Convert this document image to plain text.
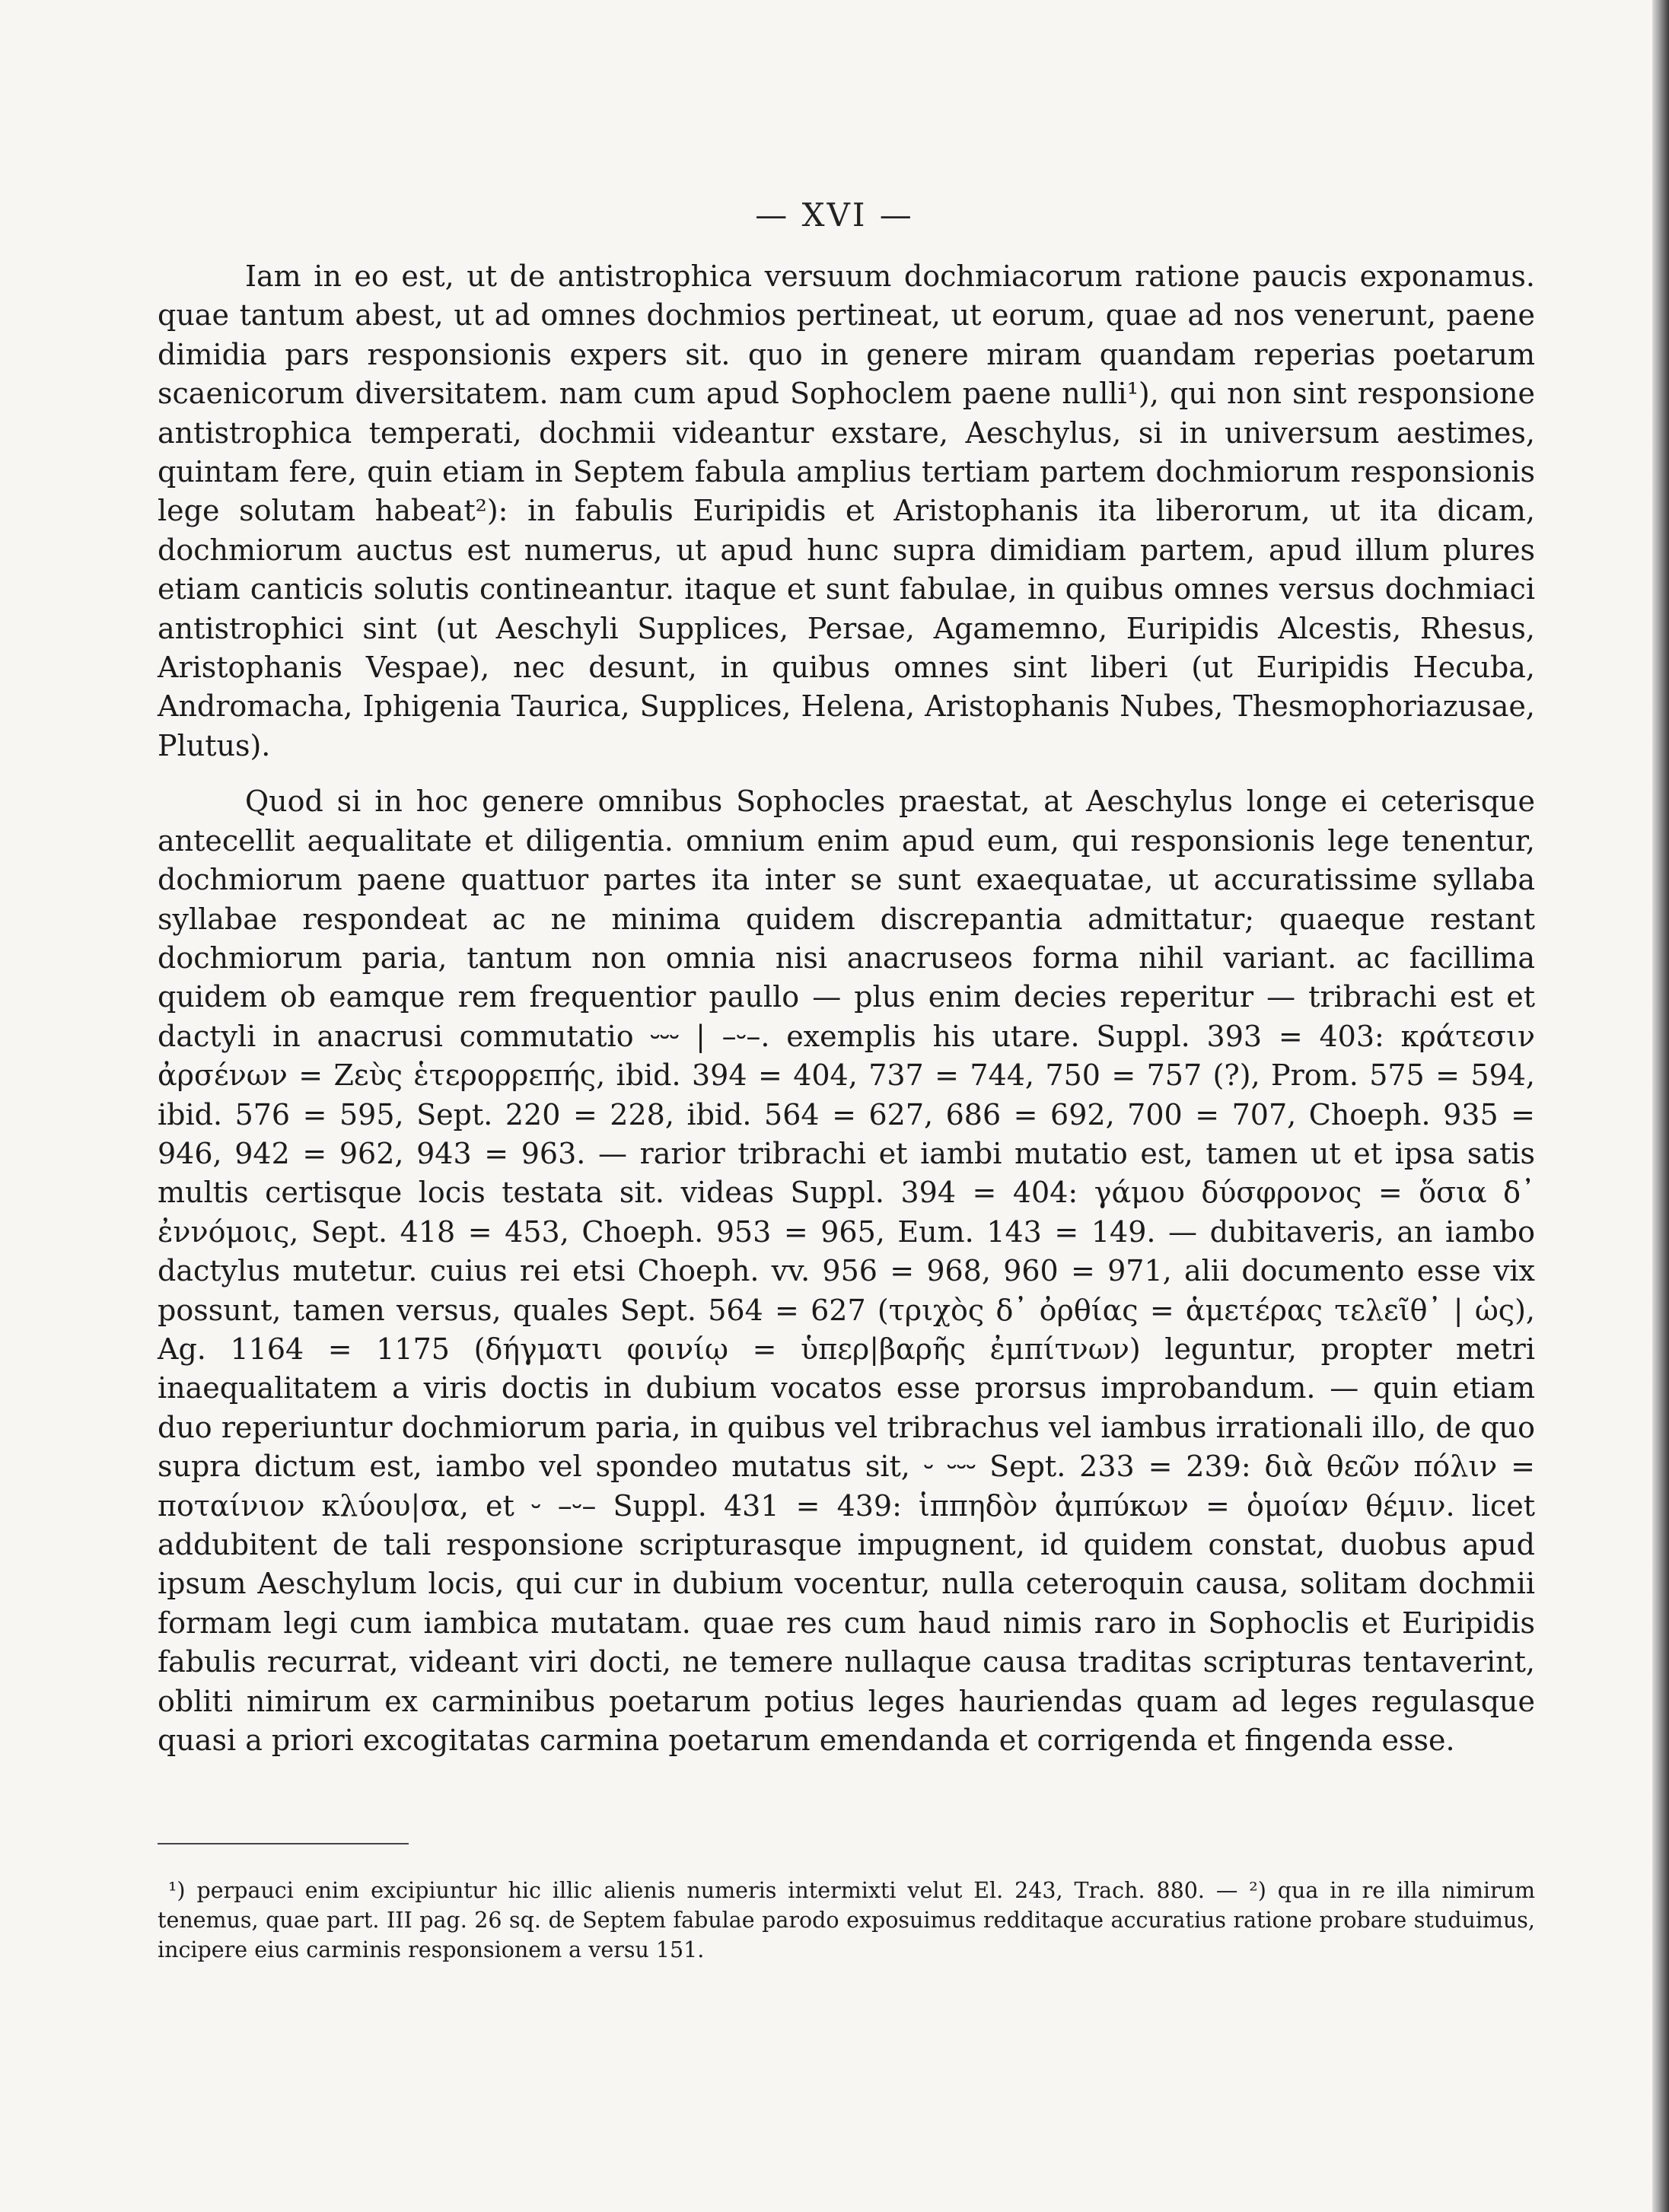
— XVI —

Iam in eo est, ut de antistrophica versuum dochmiacorum ratione paucis exponamus. quae tantum abest, ut ad omnes dochmios pertineat, ut eorum, quae ad nos venerunt, paene dimidia pars responsionis expers sit. quo in genere miram quandam reperias poetarum scaenicorum diversitatem. nam cum apud Sophoclem paene nulli¹), qui non sint responsione antistrophica temperati, dochmii videantur exstare, Aeschylus, si in universum aestimes, quintam fere, quin etiam in Septem fabula amplius tertiam partem dochmiorum responsionis lege solutam habeat²): in fabulis Euripidis et Aristophanis ita liberorum, ut ita dicam, dochmiorum auctus est numerus, ut apud hunc supra dimidiam partem, apud illum plures etiam canticis solutis contineantur. itaque et sunt fabulae, in quibus omnes versus dochmiaci antistrophici sint (ut Aeschyli Supplices, Persae, Agamemno, Euripidis Alcestis, Rhesus, Aristophanis Vespae), nec desunt, in quibus omnes sint liberi (ut Euripidis Hecuba, Andromacha, Iphigenia Taurica, Supplices, Helena, Aristophanis Nubes, Thesmophoriazusae, Plutus).

Quod si in hoc genere omnibus Sophocles praestat, at Aeschylus longe ei ceterisque antecellit aequalitate et diligentia. omnium enim apud eum, qui responsionis lege tenentur, dochmiorum paene quattuor partes ita inter se sunt exaequatae, ut accuratissime syllaba syllabae respondeat ac ne minima quidem discrepantia admittatur; quaeque restant dochmiorum paria, tantum non omnia nisi anacruseos forma nihil variant. ac facillima quidem ob eamque rem frequentior paullo — plus enim decies reperitur — tribrachi est et dactyli in anacrusi commutatio ⏑⏑⏑ | –⏑–. exemplis his utare. Suppl. 393 = 403: κράτεσιν ἀρσένων = Ζεὺς ἑτερορρεπής, ibid. 394 = 404, 737 = 744, 750 = 757 (?), Prom. 575 = 594, ibid. 576 = 595, Sept. 220 = 228, ibid. 564 = 627, 686 = 692, 700 = 707, Choeph. 935 = 946, 942 = 962, 943 = 963. — rarior tribrachi et iambi mutatio est, tamen ut et ipsa satis multis certisque locis testata sit. videas Suppl. 394 = 404: γάμου δύσφρονος = ὅσια δ᾿ ἐννόμοις, Sept. 418 = 453, Choeph. 953 = 965, Eum. 143 = 149. — dubitaveris, an iambo dactylus mutetur. cuius rei etsi Choeph. vv. 956 = 968, 960 = 971, alii documento esse vix possunt, tamen versus, quales Sept. 564 = 627 (τριχὸς δ᾿ ὀρθίας = ἁμετέρας τελεῖθ᾿ | ὡς), Ag. 1164 = 1175 (δήγματι φοινίῳ = ὑπερ|βαρῆς ἐμπίτνων) leguntur, propter metri inaequalitatem a viris doctis in dubium vocatos esse prorsus improbandum. — quin etiam duo reperiuntur dochmiorum paria, in quibus vel tribrachus vel iambus irrationali illo, de quo supra dictum est, iambo vel spondeo mutatus sit, ⏑ ⏑⏑⏑ Sept. 233 = 239: διὰ θεῶν πόλιν = ποταίνιον κλύου|σα, et ⏑ –⏑– Suppl. 431 = 439: ἱππηδὸν ἀμπύκων = ὁμοίαν θέμιν. licet addubitent de tali responsione scripturasque impugnent, id quidem constat, duobus apud ipsum Aeschylum locis, qui cur in dubium vocentur, nulla ceteroquin causa, solitam dochmii formam legi cum iambica mutatam. quae res cum haud nimis raro in Sophoclis et Euripidis fabulis recurrat, videant viri docti, ne temere nullaque causa traditas scripturas tentaverint, obliti nimirum ex carminibus poetarum potius leges hauriendas quam ad leges regulasque quasi a priori excogitatas carmina poetarum emendanda et corrigenda et fingenda esse.

¹) perpauci enim excipiuntur hic illic alienis numeris intermixti velut El. 243, Trach. 880. — ²) qua in re illa nimirum tenemus, quae part. III pag. 26 sq. de Septem fabulae parodo exposuimus redditaque accuratius ratione probare studuimus, incipere eius carminis responsionem a versu 151.
